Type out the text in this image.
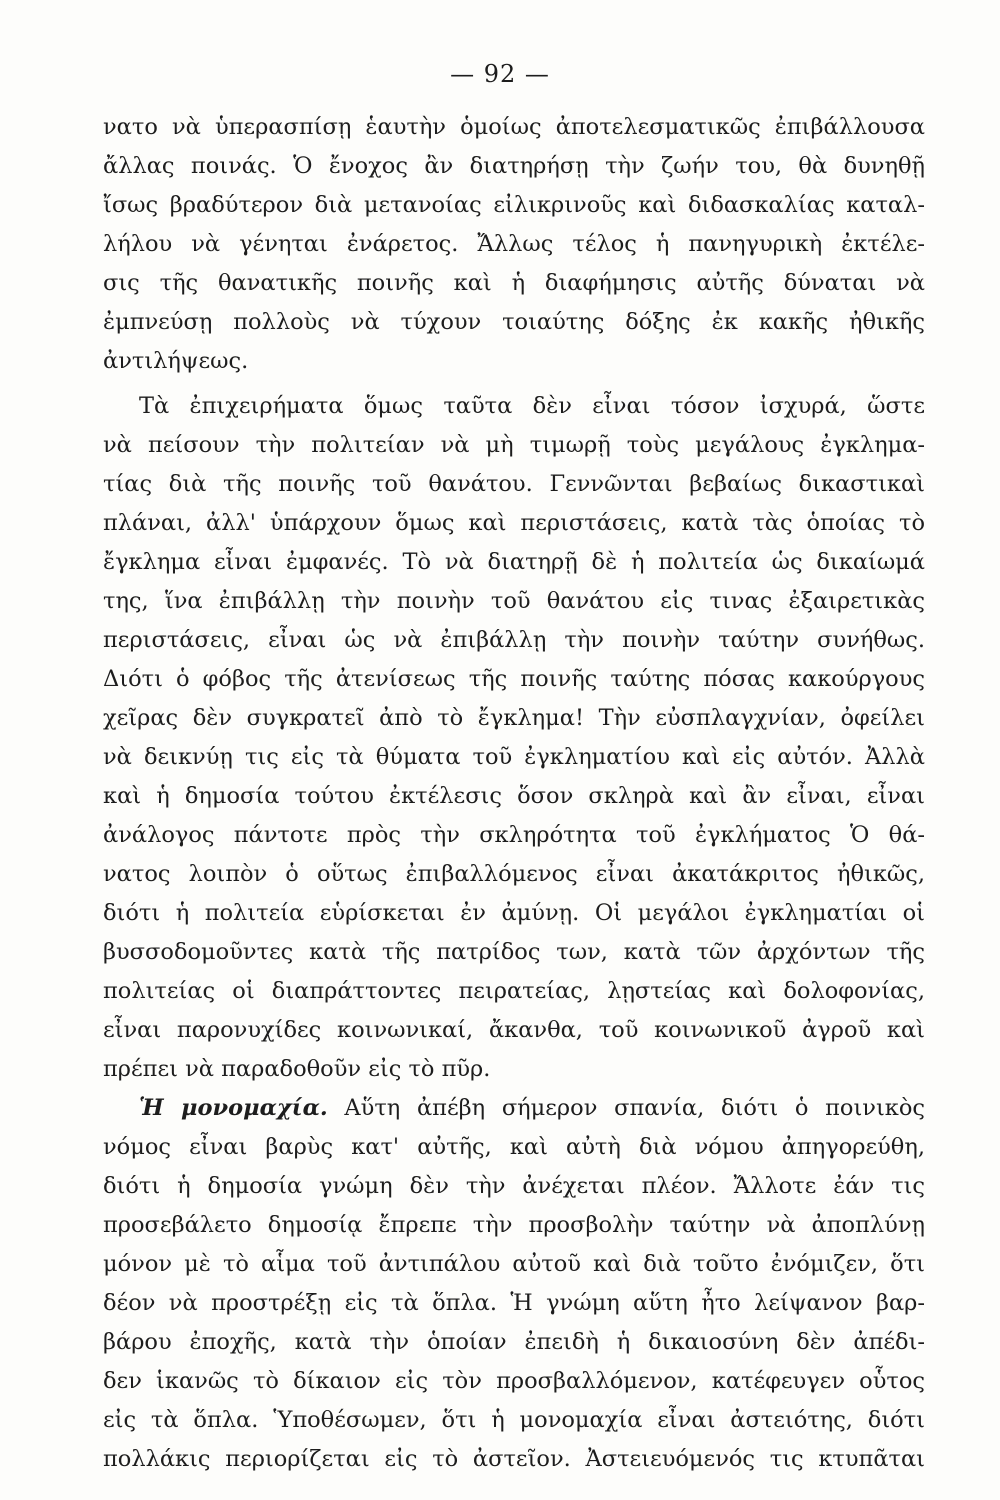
— 92 —
νατο νὰ ὑπερασπίσῃ ἑαυτὴν ὁμοίως ἀποτελεσματικῶς ἐπιβάλλουσα
ἄλλας ποινάς. Ὁ ἔνοχος ἂν διατηρήσῃ τὴν ζωήν του, θὰ δυνηθῇ
ἴσως βραδύτερον διὰ μετανοίας εἰλικρινοῦς καὶ διδασκαλίας καταλ-
λήλου νὰ γένηται ἐνάρετος. Ἄλλως τέλος ἡ πανηγυρικὴ ἐκτέλε-
σις τῆς θανατικῆς ποινῆς καὶ ἡ διαφήμησις αὐτῆς δύναται νὰ
ἐμπνεύσῃ πολλοὺς νὰ τύχουν τοιαύτης δόξης ἐκ κακῆς ἠθικῆς
ἀντιλήψεως.
Τὰ ἐπιχειρήματα ὅμως ταῦτα δὲν εἶναι τόσον ἰσχυρά, ὥστε
νὰ πείσουν τὴν πολιτείαν νὰ μὴ τιμωρῇ τοὺς μεγάλους ἐγκλημα-
τίας διὰ τῆς ποινῆς τοῦ θανάτου. Γεννῶνται βεβαίως δικαστικαὶ
πλάναι, ἀλλ' ὑπάρχουν ὅμως καὶ περιστάσεις, κατὰ τὰς ὁποίας τὸ
ἔγκλημα εἶναι ἐμφανές. Τὸ νὰ διατηρῇ δὲ ἡ πολιτεία ὡς δικαίωμά
της, ἵνα ἐπιβάλλῃ τὴν ποινὴν τοῦ θανάτου εἰς τινας ἐξαιρετικὰς
περιστάσεις, εἶναι ὡς νὰ ἐπιβάλλῃ τὴν ποινὴν ταύτην συνήθως.
Διότι ὁ φόβος τῆς ἀτενίσεως τῆς ποινῆς ταύτης πόσας κακούργους
χεῖρας δὲν συγκρατεῖ ἀπὸ τὸ ἔγκλημα! Τὴν εὐσπλαγχνίαν, ὀφείλει
νὰ δεικνύῃ τις εἰς τὰ θύματα τοῦ ἐγκληματίου καὶ εἰς αὐτόν. Ἀλλὰ
καὶ ἡ δημοσία τούτου ἐκτέλεσις ὅσον σκληρὰ καὶ ἂν εἶναι, εἶναι
ἀνάλογος πάντοτε πρὸς τὴν σκληρότητα τοῦ ἐγκλήματος Ὁ θά-
νατος λοιπὸν ὁ οὕτως ἐπιβαλλόμενος εἶναι ἀκατάκριτος ἠθικῶς,
διότι ἡ πολιτεία εὑρίσκεται ἐν ἀμύνῃ. Οἱ μεγάλοι ἐγκληματίαι οἱ
βυσσοδομοῦντες κατὰ τῆς πατρίδος των, κατὰ τῶν ἀρχόντων τῆς
πολιτείας οἱ διαπράττοντες πειρατείας, λῃστείας καὶ δολοφονίας,
εἶναι παρονυχίδες κοινωνικαί, ἄκανθα, τοῦ κοινωνικοῦ ἀγροῦ καὶ
πρέπει νὰ παραδοθοῦν εἰς τὸ πῦρ.
Ἡ μονομαχία. Αὕτη ἀπέβη σήμερον σπανία, διότι ὁ ποινικὸς
νόμος εἶναι βαρὺς κατ' αὐτῆς, καὶ αὐτὴ διὰ νόμου ἀπηγορεύθη,
διότι ἡ δημοσία γνώμη δὲν τὴν ἀνέχεται πλέον. Ἄλλοτε ἐάν τις
προσεβάλετο δημοσίᾳ ἔπρεπε τὴν προσβολὴν ταύτην νὰ ἀποπλύνῃ
μόνον μὲ τὸ αἷμα τοῦ ἀντιπάλου αὐτοῦ καὶ διὰ τοῦτο ἐνόμιζεν, ὅτι
δέον νὰ προστρέξῃ εἰς τὰ ὅπλα. Ἡ γνώμη αὕτη ἦτο λείψανον βαρ-
βάρου ἐποχῆς, κατὰ τὴν ὁποίαν ἐπειδὴ ἡ δικαιοσύνη δὲν ἀπέδι-
δεν ἱκανῶς τὸ δίκαιον εἰς τὸν προσβαλλόμενον, κατέφευγεν οὗτος
εἰς τὰ ὅπλα. Ὑποθέσωμεν, ὅτι ἡ μονομαχία εἶναι ἀστειότης, διότι
πολλάκις περιορίζεται εἰς τὸ ἀστεῖον. Ἀστειευόμενός τις κτυπᾶται
